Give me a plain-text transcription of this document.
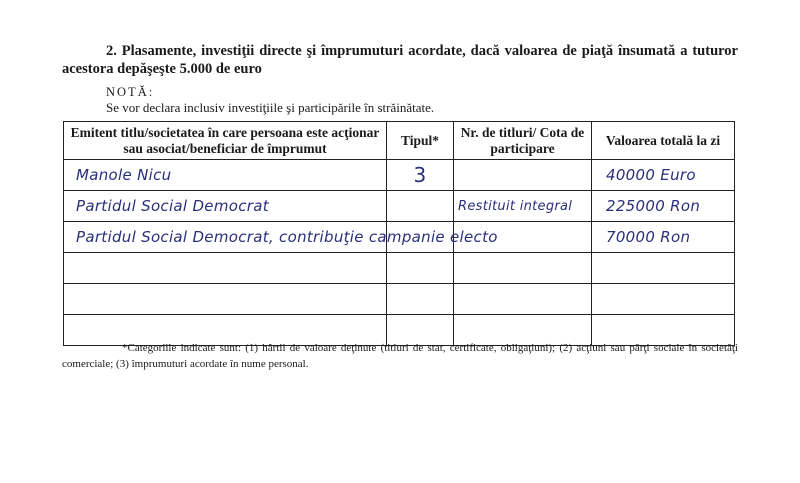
2. Plasamente, investiţii directe şi împrumuturi acordate, dacă valoarea de piaţă însumată a tuturor acestora depăşeşte 5.000 de euro
NOTĂ:
Se vor declara inclusiv investiţiile şi participările în străinătate.
Emitent titlu/societatea în care persoana este acţionar sau asociat/beneficiar de împrumut	Tipul*	Nr. de titluri/ Cota de participare	Valoarea totală la zi

Manole Nicu	3		40000 Euro

Partidul Social Democrat		Restituit integral	225000 Ron

Partidul Social Democrat, contribuţie campanie electo			70000 Ron

*Categoriile indicate sunt: (1) hârtii de valoare deţinute (titluri de stat, certificate, obligaţiuni); (2) acţiuni sau părţi sociale în societăţi comerciale; (3) împrumuturi acordate în nume personal.
